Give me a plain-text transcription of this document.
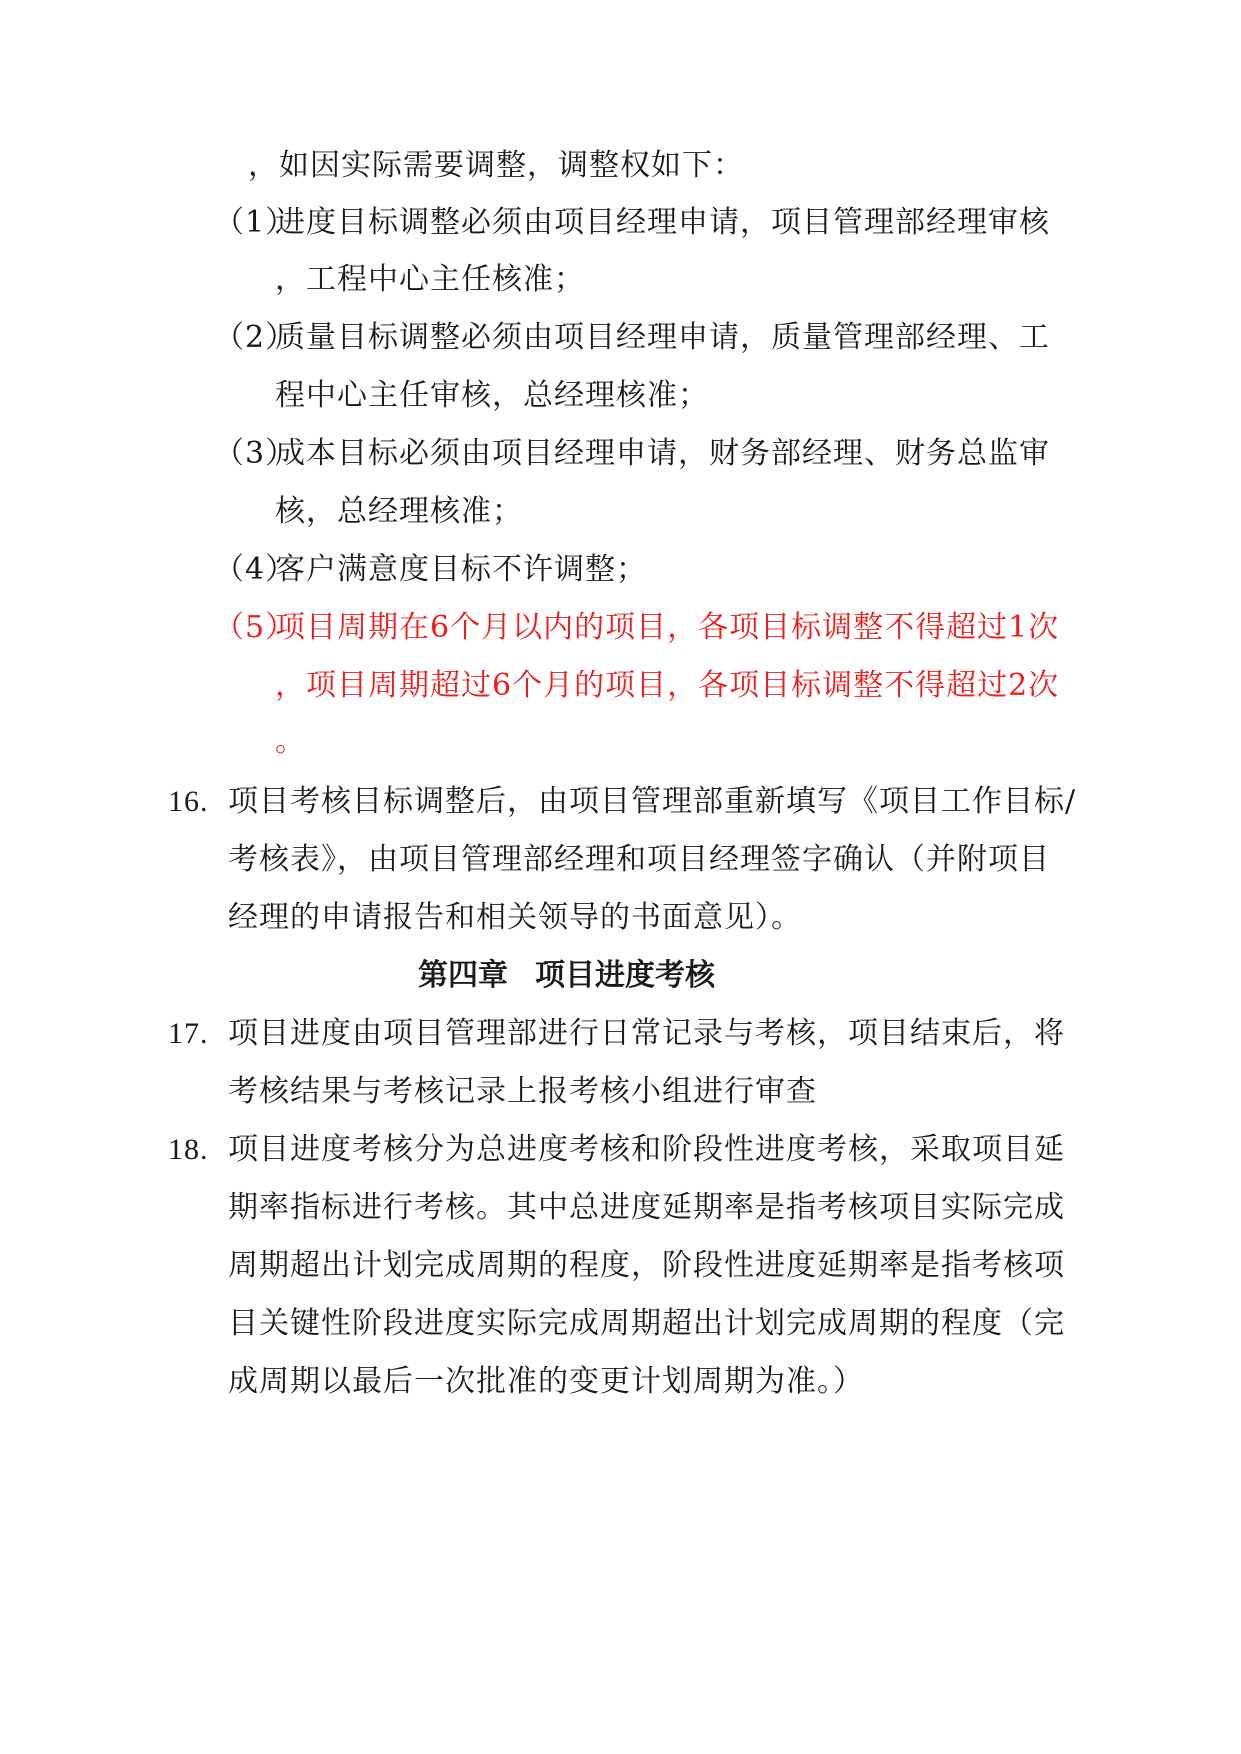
，如因实际需要调整，调整权如下：
（1）
进度目标调整必须由项目经理申请，项目管理部经理审核
，工程中心主任核准；
（2）
质量目标调整必须由项目经理申请，质量管理部经理、工
程中心主任审核，总经理核准；
（3）
成本目标必须由项目经理申请，财务部经理、财务总监审
核，总经理核准；
（4）
客户满意度目标不许调整；
（5）
项目周期在6个月以内的项目，各项目标调整不得超过1次
，项目周期超过6个月的项目，各项目标调整不得超过2次
。
16. 项目考核目标调整后，由项目管理部重新填写《项目工作目标/
考核表》，由项目管理部经理和项目经理签字确认（并附项目
经理的申请报告和相关领导的书面意见）。
第四章 项目进度考核
17. 项目进度由项目管理部进行日常记录与考核，项目结束后，将
考核结果与考核记录上报考核小组进行审查
18. 项目进度考核分为总进度考核和阶段性进度考核，采取项目延
期率指标进行考核。其中总进度延期率是指考核项目实际完成
周期超出计划完成周期的程度，阶段性进度延期率是指考核项
目关键性阶段进度实际完成周期超出计划完成周期的程度（完
成周期以最后一次批准的变更计划周期为准。）
